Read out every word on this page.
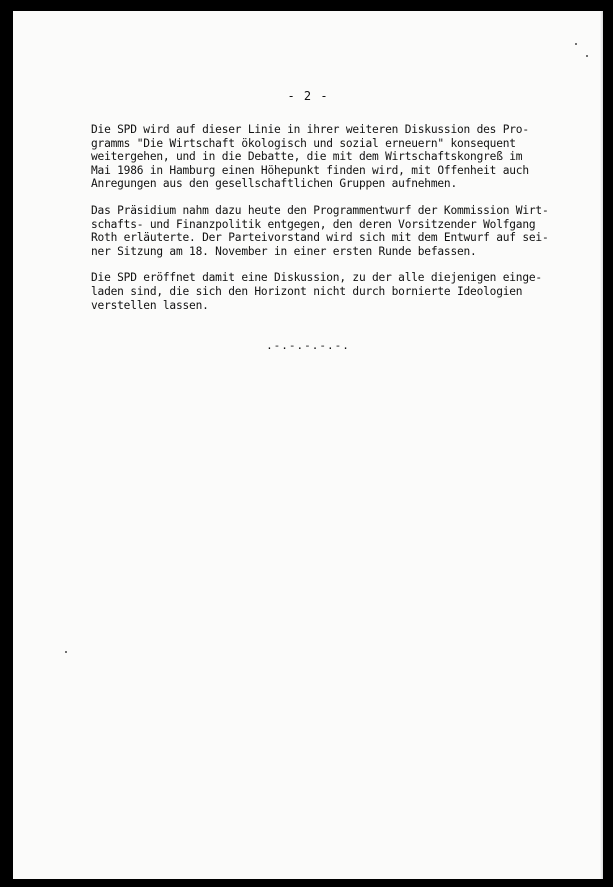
- 2 -
Die SPD wird auf dieser Linie in ihrer weiteren Diskussion des Pro-
gramms "Die Wirtschaft ökologisch und sozial erneuern" konsequent
weitergehen, und in die Debatte, die mit dem Wirtschaftskongreß im
Mai 1986 in Hamburg einen Höhepunkt finden wird, mit Offenheit auch
Anregungen aus den gesellschaftlichen Gruppen aufnehmen.
Das Präsidium nahm dazu heute den Programmentwurf der Kommission Wirt-
schafts- und Finanzpolitik entgegen, den deren Vorsitzender Wolfgang
Roth erläuterte. Der Parteivorstand wird sich mit dem Entwurf auf sei-
ner Sitzung am 18. November in einer ersten Runde befassen.
Die SPD eröffnet damit eine Diskussion, zu der alle diejenigen einge-
laden sind, die sich den Horizont nicht durch bornierte Ideologien
verstellen lassen.
.-.-.-.-.-.
